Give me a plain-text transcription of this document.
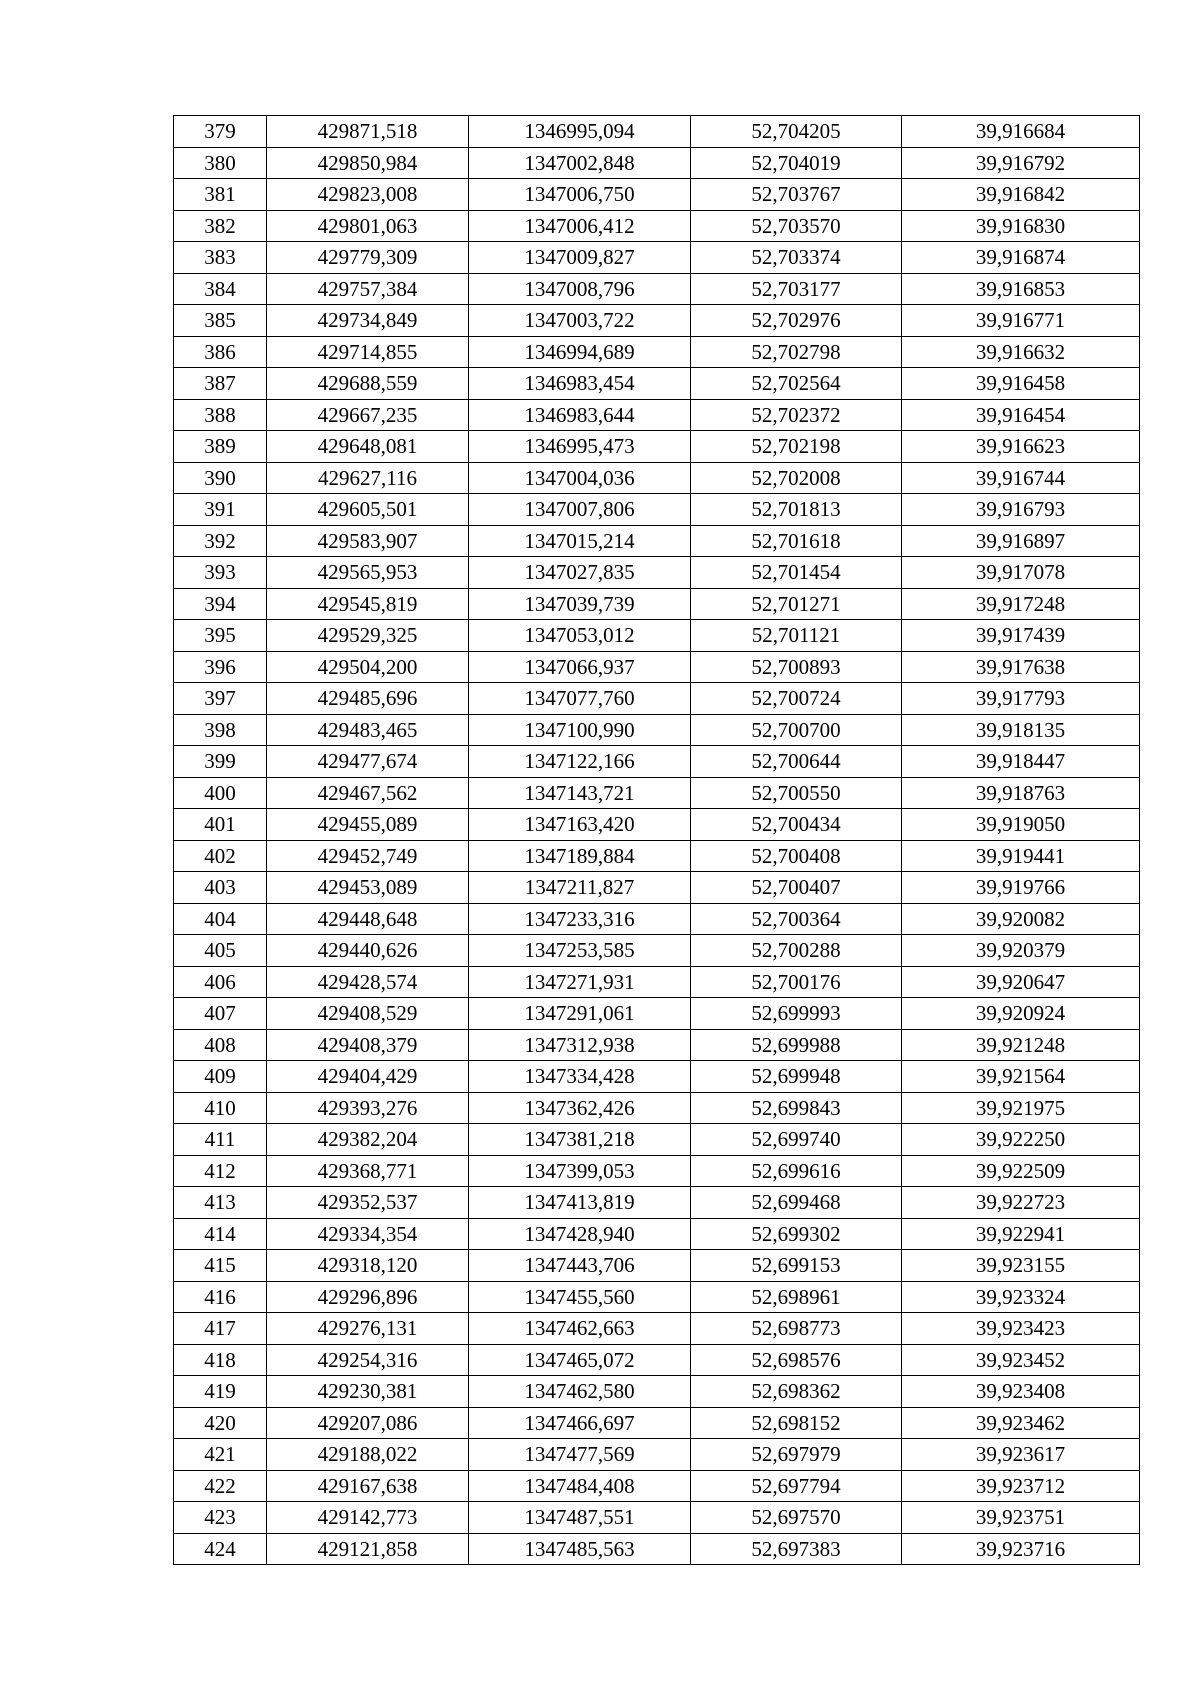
379	429871,518	1346995,094	52,704205	39,916684
380	429850,984	1347002,848	52,704019	39,916792
381	429823,008	1347006,750	52,703767	39,916842
382	429801,063	1347006,412	52,703570	39,916830
383	429779,309	1347009,827	52,703374	39,916874
384	429757,384	1347008,796	52,703177	39,916853
385	429734,849	1347003,722	52,702976	39,916771
386	429714,855	1346994,689	52,702798	39,916632
387	429688,559	1346983,454	52,702564	39,916458
388	429667,235	1346983,644	52,702372	39,916454
389	429648,081	1346995,473	52,702198	39,916623
390	429627,116	1347004,036	52,702008	39,916744
391	429605,501	1347007,806	52,701813	39,916793
392	429583,907	1347015,214	52,701618	39,916897
393	429565,953	1347027,835	52,701454	39,917078
394	429545,819	1347039,739	52,701271	39,917248
395	429529,325	1347053,012	52,701121	39,917439
396	429504,200	1347066,937	52,700893	39,917638
397	429485,696	1347077,760	52,700724	39,917793
398	429483,465	1347100,990	52,700700	39,918135
399	429477,674	1347122,166	52,700644	39,918447
400	429467,562	1347143,721	52,700550	39,918763
401	429455,089	1347163,420	52,700434	39,919050
402	429452,749	1347189,884	52,700408	39,919441
403	429453,089	1347211,827	52,700407	39,919766
404	429448,648	1347233,316	52,700364	39,920082
405	429440,626	1347253,585	52,700288	39,920379
406	429428,574	1347271,931	52,700176	39,920647
407	429408,529	1347291,061	52,699993	39,920924
408	429408,379	1347312,938	52,699988	39,921248
409	429404,429	1347334,428	52,699948	39,921564
410	429393,276	1347362,426	52,699843	39,921975
411	429382,204	1347381,218	52,699740	39,922250
412	429368,771	1347399,053	52,699616	39,922509
413	429352,537	1347413,819	52,699468	39,922723
414	429334,354	1347428,940	52,699302	39,922941
415	429318,120	1347443,706	52,699153	39,923155
416	429296,896	1347455,560	52,698961	39,923324
417	429276,131	1347462,663	52,698773	39,923423
418	429254,316	1347465,072	52,698576	39,923452
419	429230,381	1347462,580	52,698362	39,923408
420	429207,086	1347466,697	52,698152	39,923462
421	429188,022	1347477,569	52,697979	39,923617
422	429167,638	1347484,408	52,697794	39,923712
423	429142,773	1347487,551	52,697570	39,923751
424	429121,858	1347485,563	52,697383	39,923716
